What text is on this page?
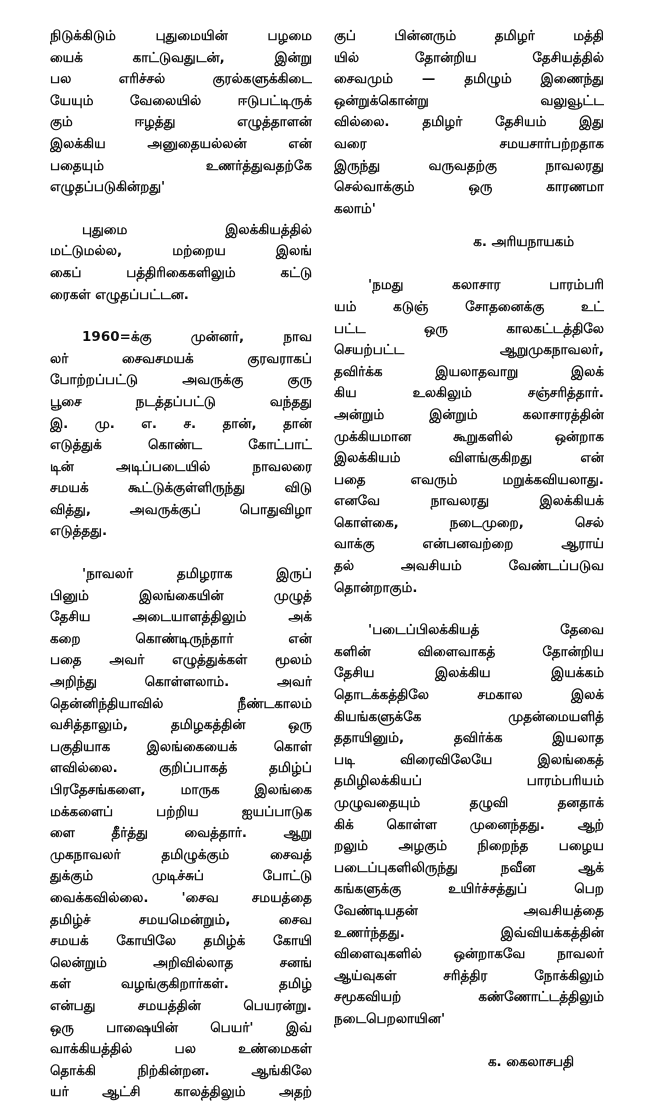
நிடுக்கிடும் புதுமையின் பழமை
யைக் காட்டுவதுடன், இன்று
பல எரிச்சல் குரல்களுக்கிடை
யேயும் வேலையில் ஈடுபட்டிருக்
கும் ஈழத்து எழுத்தாளன்
இலக்கிய அனுதையல்லன் என்
பதையும் உணர்த்துவதற்கே
எழுதப்படுகின்றது'

புதுமை இலக்கியத்தில்
மட்டுமல்ல, மற்றைய இலங்
கைப் பத்திரிகைகளிலும் கட்டு
ரைகள் எழுதப்பட்டன.

1960=க்கு முன்னர், நாவ
லர் சைவசமயக் குரவராகப்
போற்றப்பட்டு அவருக்கு குரு
பூசை நடத்தப்பட்டு வந்தது
இ. மு. எ. ச. தான், தான்
எடுத்துக் கொண்ட கோட்பாட்
டின் அடிப்படையில் நாவலரை
சமயக் கூட்டுக்குள்ளிருந்து விடு
வித்து, அவருக்குப் பொதுவிழா
எடுத்தது.

'நாவலர் தமிழராக இருப்
பினும் இலங்கையின் முழுத்
தேசிய அடையாளத்திலும் அக்
கறை கொண்டிருந்தார் என்
பதை அவர் எழுத்துக்கள் மூலம்
அறிந்து கொள்ளலாம். அவர்
தென்னிந்தியாவில் நீண்டகாலம்
வசித்தாலும், தமிழகத்தின் ஒரு
பகுதியாக இலங்கையைக் கொள்
ளவில்லை. குறிப்பாகத் தமிழ்ப்
பிரதேசங்களை, மாருக இலங்கை
மக்களைப் பற்றிய ஐயப்பாடுக
ளை தீர்த்து வைத்தார். ஆறு
முகநாவலர் தமிழுக்கும் சைவத்
துக்கும் முடிச்சுப் போட்டு
வைக்கவில்லை. 'சைவ சமயத்தை
தமிழ்ச் சமயமென்றும், சைவ
சமயக் கோயிலே தமிழ்க் கோயி
லென்றும் அறிவில்லாத சனங்
கள் வழங்குகிறார்கள். தமிழ்
என்பது சமயத்தின் பெயரன்று.
ஒரு பாஷையின் பெயர்' இவ்
வாக்கியத்தில் பல உண்மைகள்
தொக்கி நிற்கின்றன. ஆங்கிலே
யர் ஆட்சி காலத்திலும் அதற்

குப் பின்னரும் தமிழர் மத்தி
யில் தோன்றிய தேசியத்தில்
சைவமும் — தமிழும் இணைந்து
ஒன்றுக்கொன்று வலுவூட்ட
வில்லை. தமிழர் தேசியம் இது
வரை சமயசார்பற்றதாக
இருந்து வருவதற்கு நாவலரது
செல்வாக்கும் ஒரு காரணமா
கலாம்'

க. அரியநாயகம்

'நமது கலாசார பாரம்பரி
யம் கடுஞ் சோதனைக்கு உட்
பட்ட ஒரு காலகட்டத்திலே
செயற்பட்ட ஆறுமுகநாவலர்,
தவிர்க்க இயலாதவாறு இலக்
கிய உலகிலும் சஞ்சரித்தார்.
அன்றும் இன்றும் கலாசாரத்தின்
முக்கியமான கூறுகளில் ஒன்றாக
இலக்கியம் விளங்குகிறது என்
பதை எவரும் மறுக்கவியலாது.
எனவே நாவலரது இலக்கியக்
கொள்கை, நடைமுறை, செல்
வாக்கு என்பனவற்றை ஆராய்
தல் அவசியம் வேண்டப்படுவ
தொன்றாகும்.

'படைப்பிலக்கியத் தேவை
களின் விளைவாகத் தோன்றிய
தேசிய இலக்கிய இயக்கம்
தொடக்கத்திலே சமகால இலக்
கியங்களுக்கே முதன்மையளித்
ததாயினும், தவிர்க்க இயலாத
படி விரைவிலேயே இலங்கைத்
தமிழிலக்கியப் பாரம்பரியம்
முழுவதையும் தழுவி தனதாக்
கிக் கொள்ள முனைந்தது. ஆற்
றலும் அழகும் நிறைந்த பழைய
படைப்புகளிலிருந்து நவீன ஆக்
கங்களுக்கு உயிர்ச்சத்துப் பெற
வேண்டியதன் அவசியத்தை
உணர்ந்தது. இவ்வியக்கத்தின்
விளைவுகளில் ஒன்றாகவே நாவலர்
ஆய்வுகள் சரித்திர நோக்கிலும்
சமூகவியற் கண்ணோட்டத்திலும்
நடைபெறலாயின'

க. கைலாசபதி
